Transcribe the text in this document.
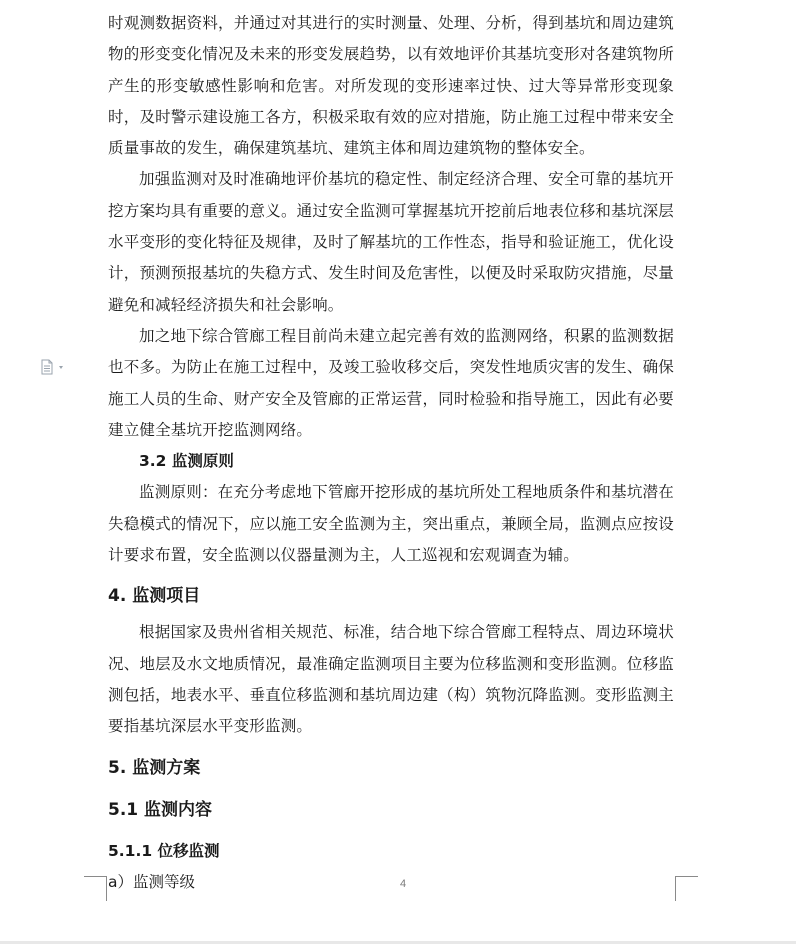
时观测数据资料，并通过对其进行的实时测量、处理、分析，得到基坑和周边建筑物的形变变化情况及未来的形变发展趋势，以有效地评价其基坑变形对各建筑物所产生的形变敏感性影响和危害。对所发现的变形速率过快、过大等异常形变现象时，及时警示建设施工各方，积极采取有效的应对措施，防止施工过程中带来安全质量事故的发生，确保建筑基坑、建筑主体和周边建筑物的整体安全。

加强监测对及时准确地评价基坑的稳定性、制定经济合理、安全可靠的基坑开挖方案均具有重要的意义。通过安全监测可掌握基坑开挖前后地表位移和基坑深层水平变形的变化特征及规律，及时了解基坑的工作性态，指导和验证施工，优化设计，预测预报基坑的失稳方式、发生时间及危害性，以便及时采取防灾措施，尽量避免和减轻经济损失和社会影响。

加之地下综合管廊工程目前尚未建立起完善有效的监测网络，积累的监测数据也不多。为防止在施工过程中，及竣工验收移交后，突发性地质灾害的发生、确保施工人员的生命、财产安全及管廊的正常运营，同时检验和指导施工，因此有必要建立健全基坑开挖监测网络。

3.2 监测原则

监测原则：在充分考虑地下管廊开挖形成的基坑所处工程地质条件和基坑潜在失稳模式的情况下，应以施工安全监测为主，突出重点，兼顾全局，监测点应按设计要求布置，安全监测以仪器量测为主，人工巡视和宏观调查为辅。

4. 监测项目

根据国家及贵州省相关规范、标准，结合地下综合管廊工程特点、周边环境状况、地层及水文地质情况，最准确定监测项目主要为位移监测和变形监测。位移监测包括，地表水平、垂直位移监测和基坑周边建（构）筑物沉降监测。变形监测主要指基坑深层水平变形监测。

5. 监测方案

5.1 监测内容

5.1.1 位移监测

a）监测等级	4
